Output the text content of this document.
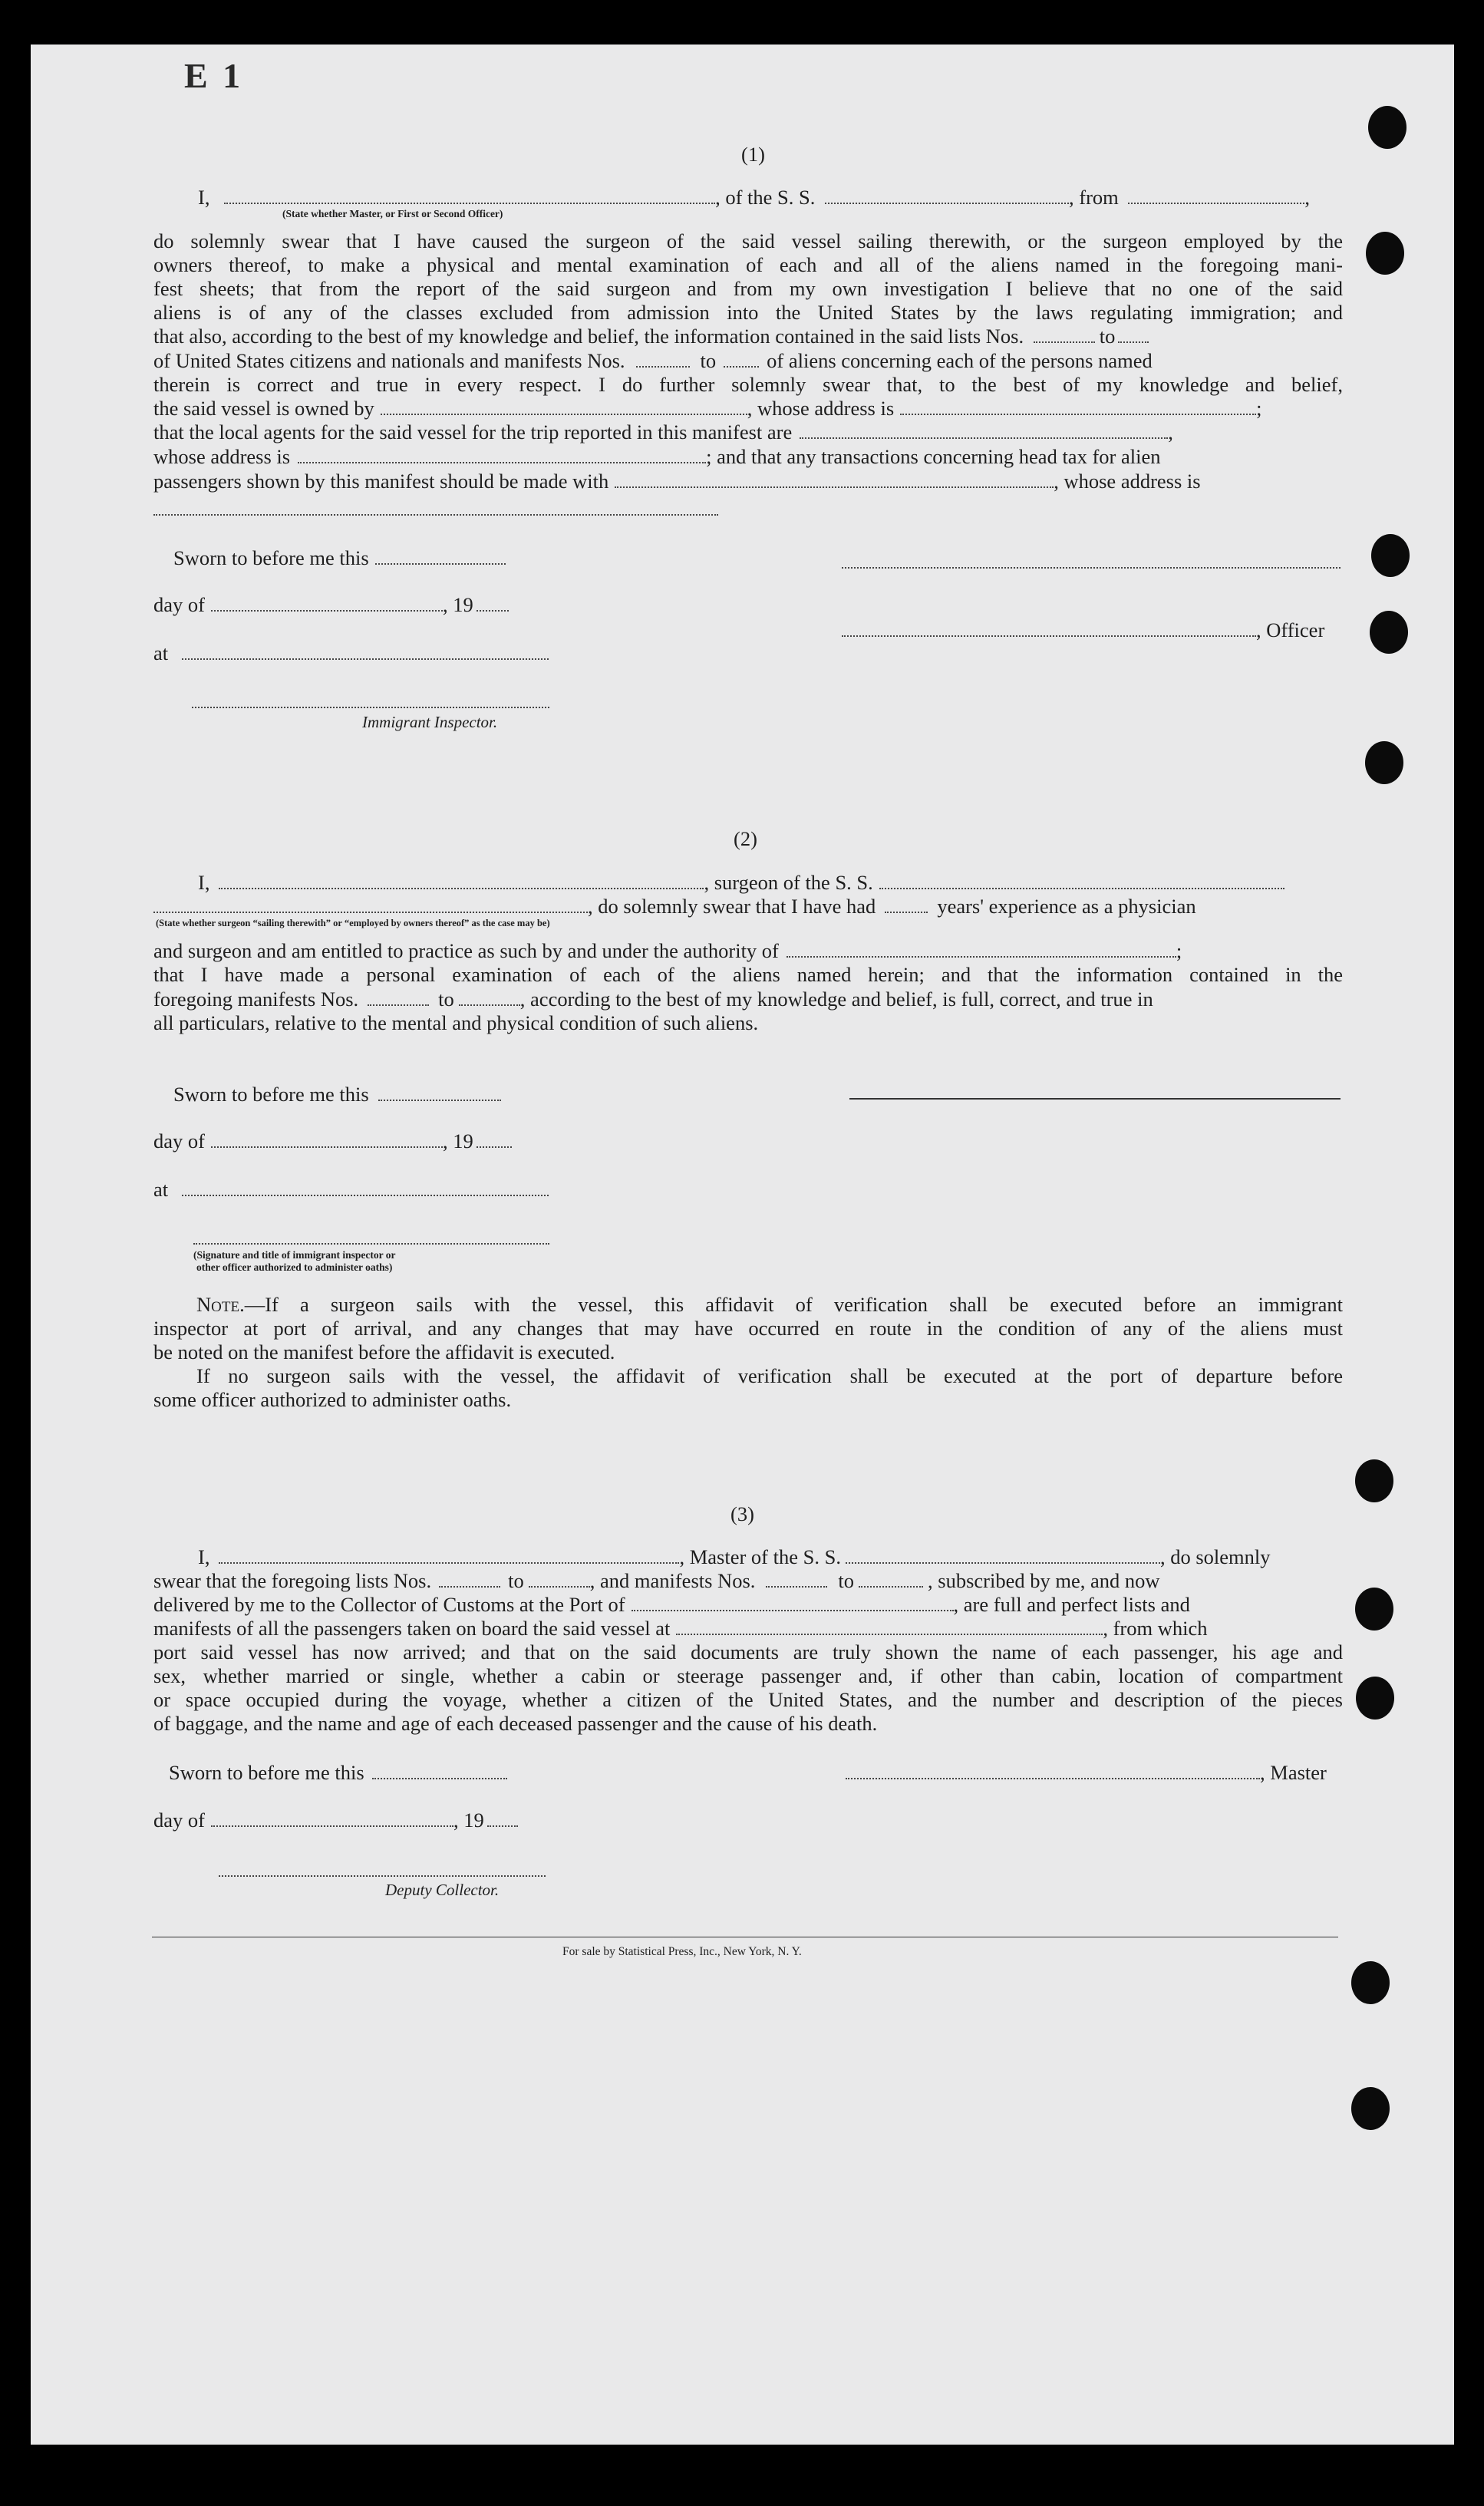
E 1
(1)
I,	, of the S. S.	, from	,
(State whether Master, or First or Second Officer)
do solemnly swear that I have caused the surgeon of the said vessel sailing therewith, or the surgeon employed by the
owners thereof, to make a physical and mental examination of each and all of the aliens named in the foregoing mani-
fest sheets; that from the report of the said surgeon and from my own investigation I believe that no one of the said
aliens is of any of the classes excluded from admission into the United States by the laws regulating immigration; and
that also, according to the best of my knowledge and belief, the information contained in the said lists Nos.	to
of United States citizens and nationals and manifests Nos.	to of aliens concerning each of the persons named
therein is correct and true in every respect. I do further solemnly swear that, to the best of my knowledge and belief,
the said vessel is owned by	, whose address is	;
that the local agents for the said vessel for the trip reported in this manifest are	,
whose address is	; and that any transactions concerning head tax for alien
passengers shown by this manifest should be made with	, whose address is
Sworn to before me this
day of	, 19
, Officer
at
Immigrant Inspector.
(2)
I,	, surgeon of the S. S.
, do solemnly swear that I have had	years' experience as a physician
(State whether surgeon “sailing therewith” or “employed by owners thereof” as the case may be)
and surgeon and am entitled to practice as such by and under the authority of	;
that I have made a personal examination of each of the aliens named herein; and that the information contained in the
foregoing manifests Nos.	to	, according to the best of my knowledge and belief, is full, correct, and true in
all particulars, relative to the mental and physical condition of such aliens.
Sworn to before me this
day of	, 19
at
(Signature and title of immigrant inspector or
other officer authorized to administer oaths)
Note.—If a surgeon sails with the vessel, this affidavit of verification shall be executed before an immigrant
inspector at port of arrival, and any changes that may have occurred en route in the condition of any of the aliens must
be noted on the manifest before the affidavit is executed.
If no surgeon sails with the vessel, the affidavit of verification shall be executed at the port of departure before
some officer authorized to administer oaths.
(3)
I,	, Master of the S. S.	, do solemnly
swear that the foregoing lists Nos.	to	, and manifests Nos.	to	, subscribed by me, and now
delivered by me to the Collector of Customs at the Port of	, are full and perfect lists and
manifests of all the passengers taken on board the said vessel at	, from which
port said vessel has now arrived; and that on the said documents are truly shown the name of each passenger, his age and
sex, whether married or single, whether a cabin or steerage passenger and, if other than cabin, location of compartment
or space occupied during the voyage, whether a citizen of the United States, and the number and description of the pieces
of baggage, and the name and age of each deceased passenger and the cause of his death.
Sworn to before me this	, Master
day of	, 19
Deputy Collector.
For sale by Statistical Press, Inc., New York, N. Y.
